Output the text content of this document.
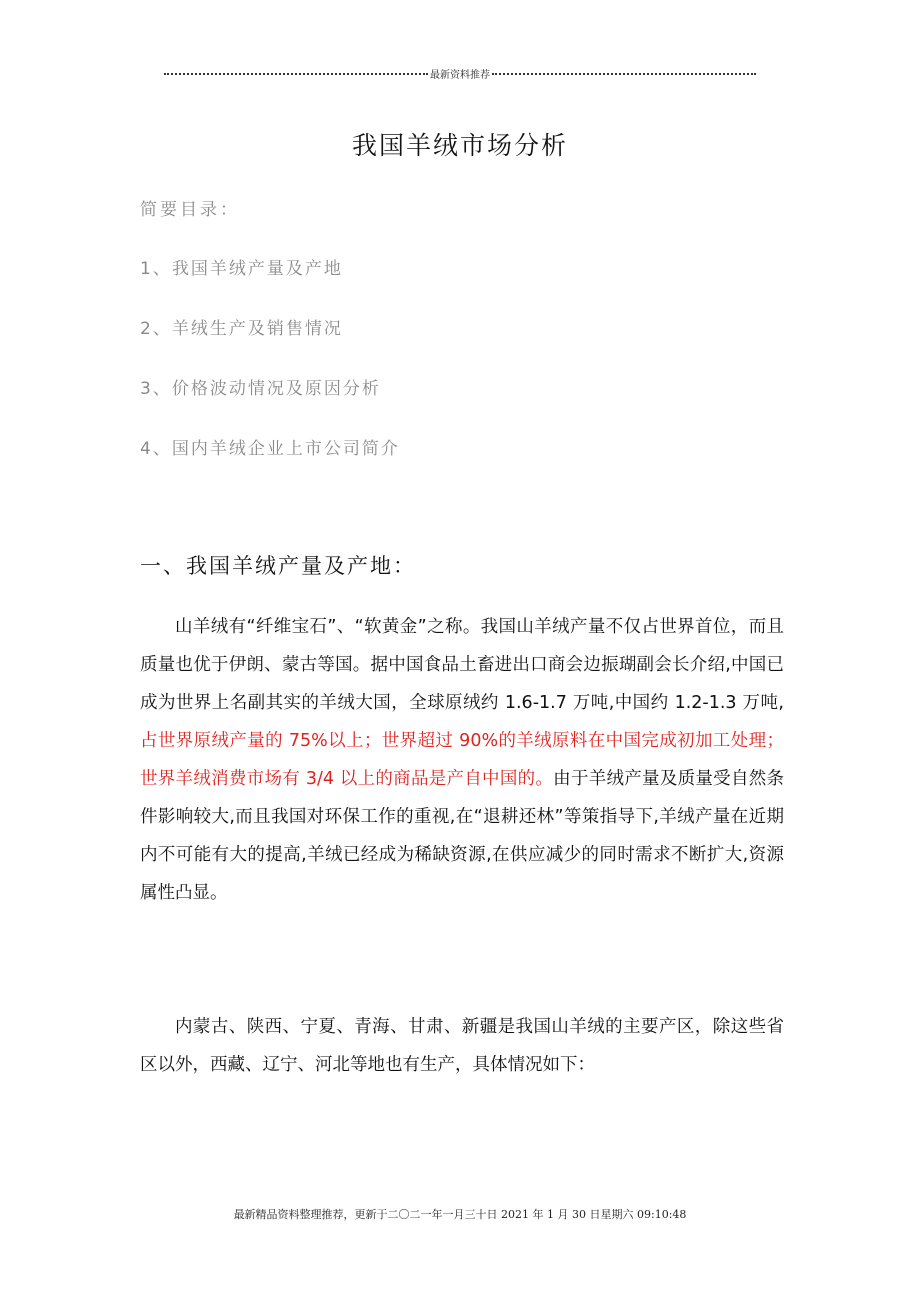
最新资料推荐
我国羊绒市场分析
简要目录：
1、我国羊绒产量及产地
2、羊绒生产及销售情况
3、价格波动情况及原因分析
4、国内羊绒企业上市公司简介
一、我国羊绒产量及产地：

山羊绒有“纤维宝石”、“软黄金”之称。我国山羊绒产量不仅占世界首位，而且质量也优于伊朗、蒙古等国。据中国食品土畜进出口商会边振瑚副会长介绍,中国已成为世界上名副其实的羊绒大国，全球原绒约 1.6-1.7 万吨,中国约 1.2-1.3 万吨,占世界原绒产量的 75%以上；世界超过 90%的羊绒原料在中国完成初加工处理；世界羊绒消费市场有 3/4 以上的商品是产自中国的。由于羊绒产量及质量受自然条件影响较大,而且我国对环保工作的重视,在“退耕还林”等策指导下,羊绒产量在近期内不可能有大的提高,羊绒已经成为稀缺资源,在供应减少的同时需求不断扩大,资源属性凸显。

内蒙古、陕西、宁夏、青海、甘肃、新疆是我国山羊绒的主要产区，除这些省区以外，西藏、辽宁、河北等地也有生产，具体情况如下：

最新精品资料整理推荐，更新于二〇二一年一月三十日 2021 年 1 月 30 日星期六 09:10:48
